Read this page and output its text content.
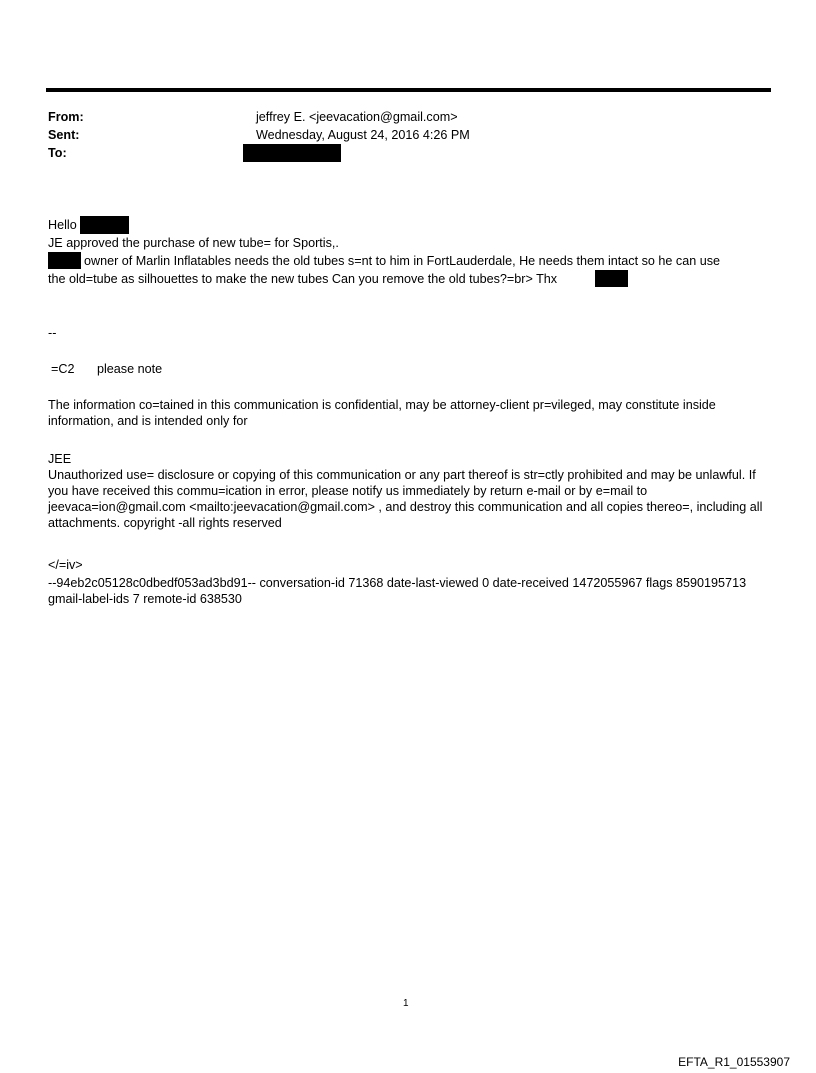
From:	jeffrey E. <jeevacation@gmail.com>
Sent:	Wednesday, August 24, 2016 4:26 PM
To:
Hello
JE approved the purchase of new tube= for Sportis,.
owner of Marlin Inflatables needs the old tubes s=nt to him in FortLauderdale, He needs them intact so he can use
the old=tube as silhouettes to make the new tubes Can you remove the old tubes?=br> Thx
--
=C2 please note
The information co=tained in this communication is confidential, may be attorney-client pr=vileged, may constitute inside information, and is intended only for
JEE
Unauthorized use= disclosure or copying of this communication or any part thereof is str=ctly prohibited and may be unlawful. If you have received this commu=ication in error, please notify us immediately by return e-mail or by e=mail to jeevaca=ion@gmail.com <mailto:jeevacation@gmail.com> , and destroy this communication and all copies thereo=, including all attachments. copyright -all rights reserved
</=iv>
--94eb2c05128c0dbedf053ad3bd91-- conversation-id 71368 date-last-viewed 0 date-received 1472055967 flags 8590195713 gmail-label-ids 7 remote-id 638530
1
EFTA_R1_01553907
